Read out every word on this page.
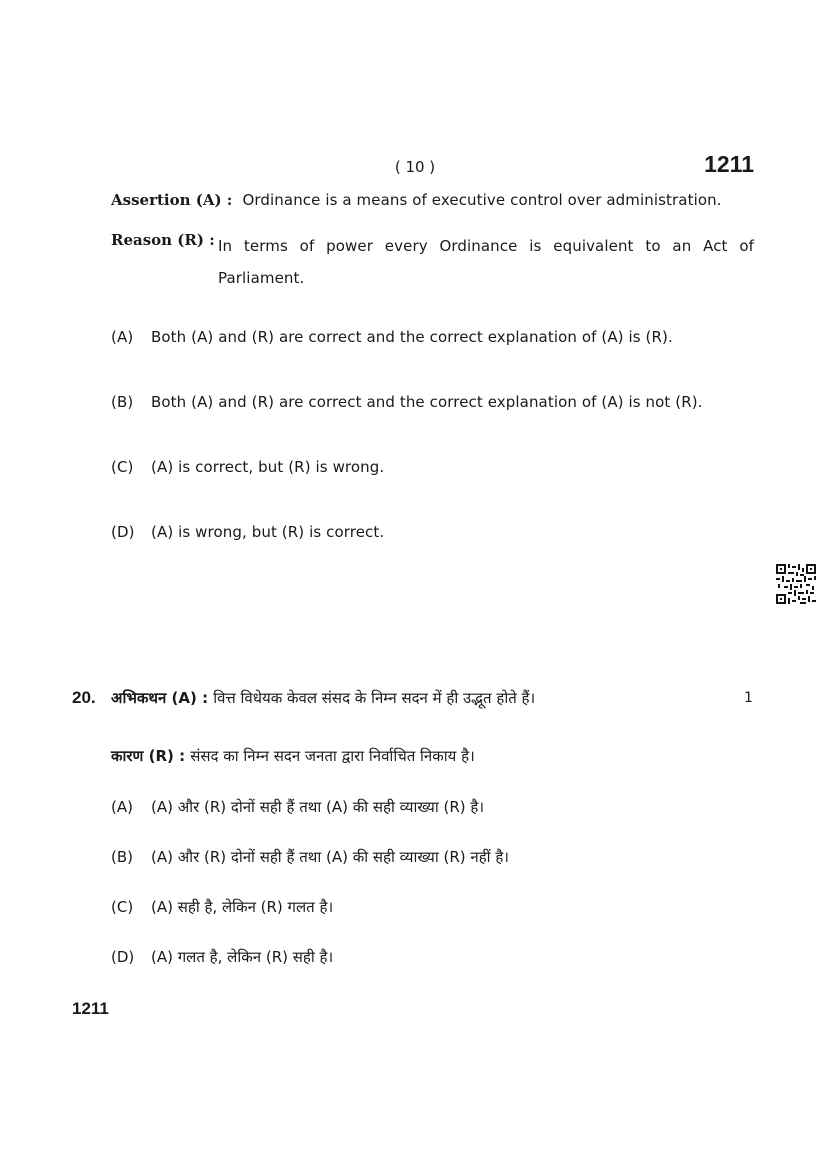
( 10 )	1211
Assertion (A) : Ordinance is a means of executive control over administration.
Reason (R) : In terms of power every Ordinance is equivalent to an Act of Parliament.
(A) Both (A) and (R) are correct and the correct explanation of (A) is (R).
(B) Both (A) and (R) are correct and the correct explanation of (A) is not (R).
(C) (A) is correct, but (R) is wrong.
(D) (A) is wrong, but (R) is correct.
20. अभिकथन (A) : वित्त विधेयक केवल संसद के निम्न सदन में ही उद्भूत होते हैं।	1
कारण (R) : संसद का निम्न सदन जनता द्वारा निर्वाचित निकाय है।
(A) (A) और (R) दोनों सही हैं तथा (A) की सही व्याख्या (R) है।
(B) (A) और (R) दोनों सही हैं तथा (A) की सही व्याख्या (R) नहीं है।
(C) (A) सही है, लेकिन (R) गलत है।
(D) (A) गलत है, लेकिन (R) सही है।
1211
